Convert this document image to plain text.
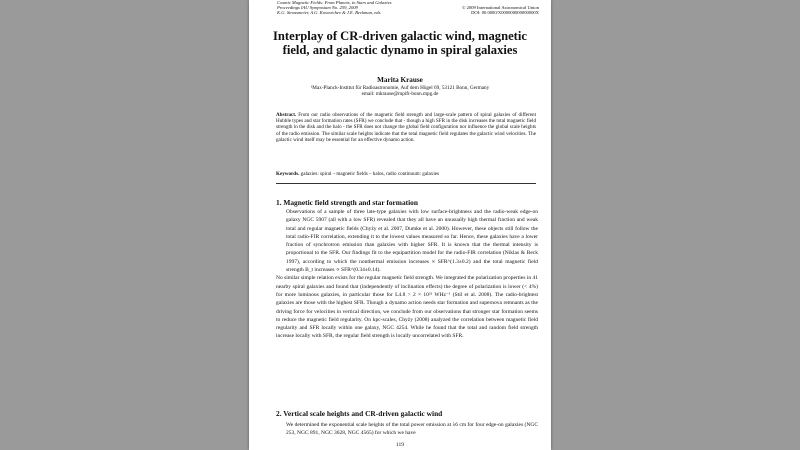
Cosmic Magnetic Fields: From Planets, to Stars and Galaxies
Proceedings IAU Symposium No. 259, 2009
K.G. Strassmeier, A.G. Kosovichev & J.E. Beckman, eds.
© 2009 International Astronomical Union
DOI: 00.0000/X000000000000000X
Interplay of CR-driven galactic wind, magnetic field, and galactic dynamo in spiral galaxies
Marita Krause
¹Max-Planck-Institut für Radioastronomie, Auf dem Hügel 69, 53121 Bonn, Germany
email: mkrause@mpifr-bonn.mpg.de

Abstract. From our radio observations of the magnetic field strength and large-scale pattern of spiral galaxies of different Hubble types and star formation rates (SFR) we conclude that - though a high SFR in the disk increases the total magnetic field strength in the disk and the halo - the SFR does not change the global field configuration nor influence the global scale heights of the radio emission. The similar scale heights indicate that the total magnetic field regulates the galactic wind velocities. The galactic wind itself may be essential for an effective dynamo action.

Keywords. galaxies: spiral – magnetic fields – halos, radio continuum: galaxies

1. Magnetic field strength and star formation
Observations of a sample of three late-type galaxies with low surface-brightness and the radio-weak edge-on galaxy NGC 5907 (all with a low SFR) revealed that they all have an unusually high thermal fraction and weak total and regular magnetic fields (Chyży et al. 2007, Dumke et al. 2000). However, these objects still follow the total radio-FIR correlation, extending it to the lowest values measured so far. Hence, these galaxies have a lower fraction of synchrotron emission than galaxies with higher SFR. It is known that the thermal intensity is proportional to the SFR. Our findings fit to the equipartition model for the radio-FIR correlation (Niklas & Beck 1997), according to which the nonthermal emission increases ∝ SFR^(1.3±0.2) and the total magnetic field strength B_t increases ∝ SFR^(0.34±0.14).
No similar simple relation exists for the regular magnetic field strength. We integrated the polarization properties in 41 nearby spiral galaxies and found that (independently of inclination effects) the degree of polarization is lower (< 4%) for more luminous galaxies, in particular those for L4.8 > 2 × 10²¹ WHz⁻¹ (Stil et al. 2008). The radio-brightest galaxies are those with the highest SFR. Though a dynamo action needs star formation and supernova remnants as the driving force for velocities in vertical direction, we conclude from our observations that stronger star formation seems to reduce the magnetic field regularity. On kpc-scales, Chyży (2008) analyzed the correlation between magnetic field regularity and SFR locally within one galaxy, NGC 4254. While he found that the total and random field strength increase locally with SFR, the regular field strength is locally uncorrelated with SFR.
2. Vertical scale heights and CR-driven galactic wind
We determined the exponential scale heights of the total power emission at λ6 cm for four edge-on galaxies (NGC 253, NGC 891, NGC 3628, NGC 4565) for which we have
119
